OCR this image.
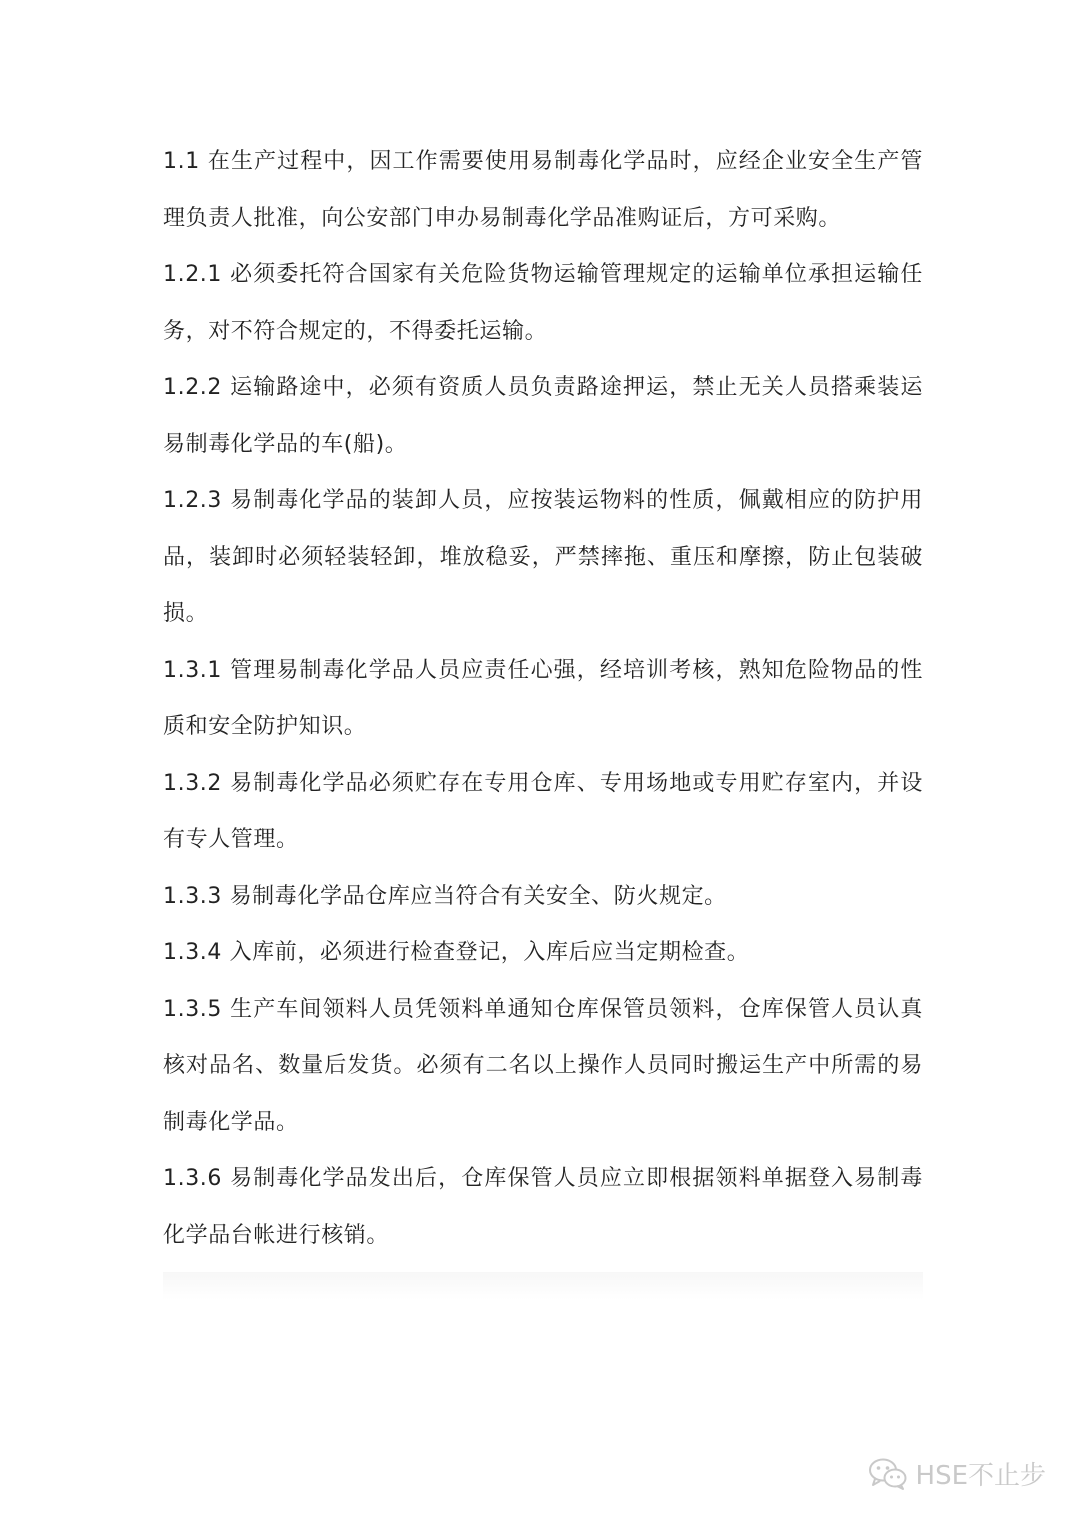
1.1 在生产过程中，因工作需要使用易制毒化学品时，应经企业安全生产管理负责人批准，向公安部门申办易制毒化学品准购证后，方可采购。

1.2.1 必须委托符合国家有关危险货物运输管理规定的运输单位承担运输任务，对不符合规定的，不得委托运输。

1.2.2 运输路途中，必须有资质人员负责路途押运，禁止无关人员搭乘装运易制毒化学品的车(船)。

1.2.3 易制毒化学品的装卸人员，应按装运物料的性质，佩戴相应的防护用品，装卸时必须轻装轻卸，堆放稳妥，严禁摔拖、重压和摩擦，防止包装破损。

1.3.1 管理易制毒化学品人员应责任心强，经培训考核，熟知危险物品的性质和安全防护知识。

1.3.2 易制毒化学品必须贮存在专用仓库、专用场地或专用贮存室内，并设有专人管理。

1.3.3 易制毒化学品仓库应当符合有关安全、防火规定。

1.3.4 入库前，必须进行检查登记，入库后应当定期检查。

1.3.5 生产车间领料人员凭领料单通知仓库保管员领料，仓库保管人员认真核对品名、数量后发货。必须有二名以上操作人员同时搬运生产中所需的易制毒化学品。

1.3.6 易制毒化学品发出后，仓库保管人员应立即根据领料单据登入易制毒化学品台帐进行核销。

HSE不止步
